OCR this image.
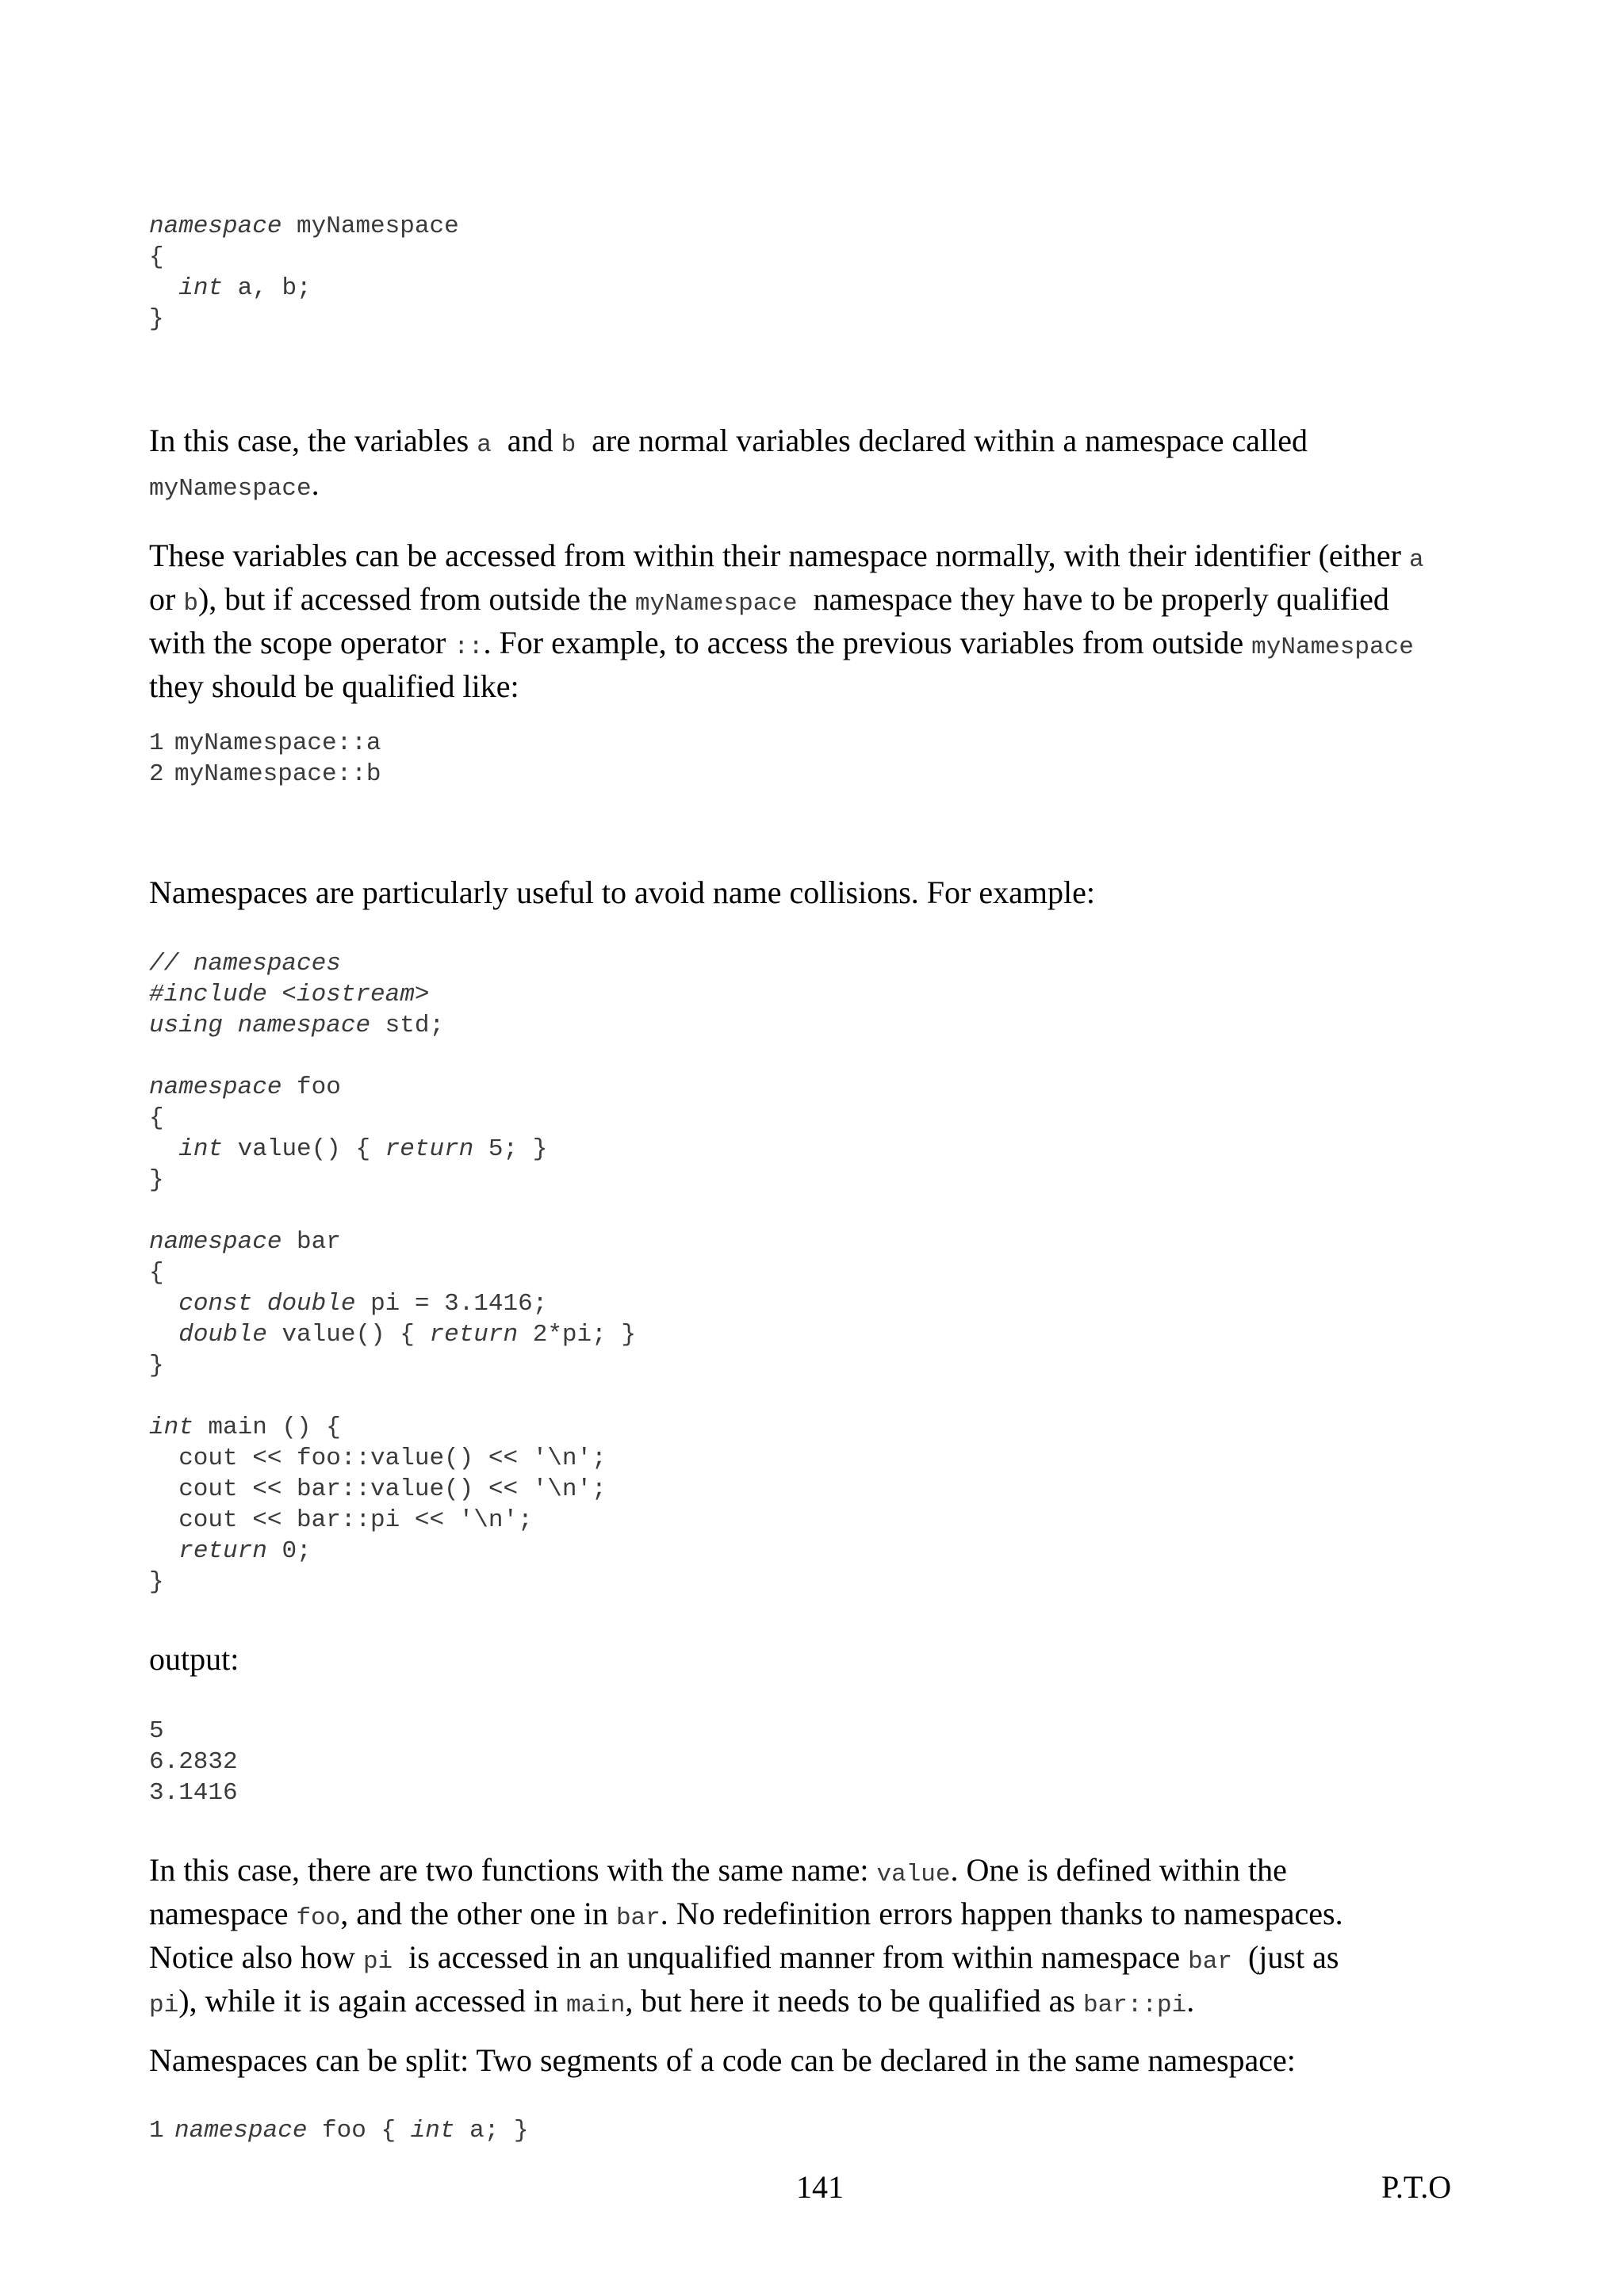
namespace myNamespace
{
int a, b;
}

In this case, the variables a  and b  are normal variables declared within a namespace called
myNamespace.

These variables can be accessed from within their namespace normally, with their identifier (either a
or b), but if accessed from outside the myNamespace  namespace they have to be properly qualified
with the scope operator ::. For example, to access the previous variables from outside myNamespace
they should be qualified like:

1 myNamespace::a
2 myNamespace::b

Namespaces are particularly useful to avoid name collisions. For example:

// namespaces
#include <iostream>
using namespace std;

namespace foo
{
int value() { return 5; }
}

namespace bar
{
const double pi = 3.1416;
double value() { return 2*pi; }
}

int main () {
cout << foo::value() << '\n';
cout << bar::value() << '\n';
cout << bar::pi << '\n';
return 0;
}

output:

5
6.2832
3.1416

In this case, there are two functions with the same name: value. One is defined within the
namespace foo, and the other one in bar. No redefinition errors happen thanks to namespaces.
Notice also how pi  is accessed in an unqualified manner from within namespace bar  (just as
pi), while it is again accessed in main, but here it needs to be qualified as bar::pi.

Namespaces can be split: Two segments of a code can be declared in the same namespace:

1 namespace foo { int a; }
141	P.T.O
